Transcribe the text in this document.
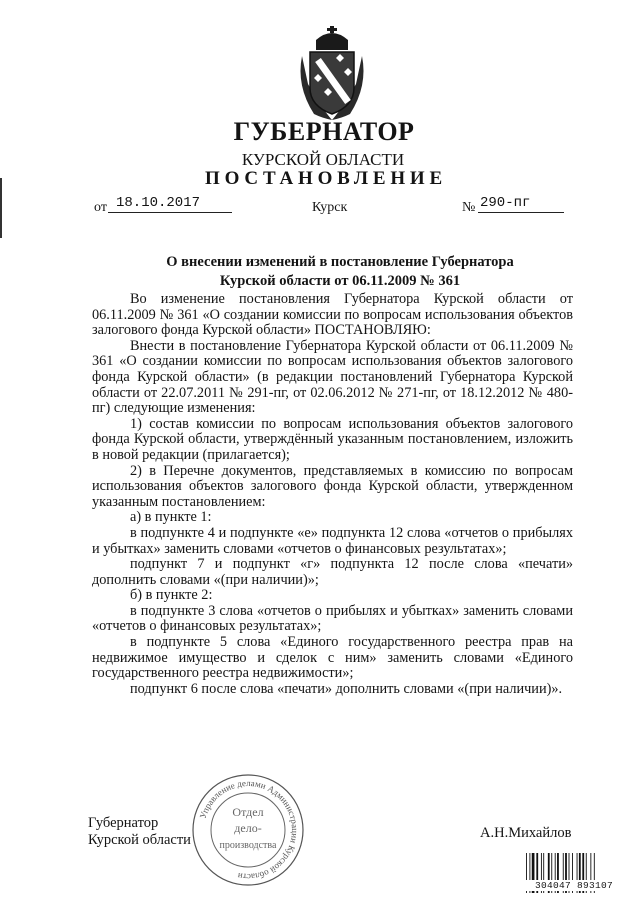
ГУБЕРНАТОР
КУРСКОЙ ОБЛАСТИ
ПОСТАНОВЛЕНИЕ
от 18.10.2017	Курск	№ 290-пг
О внесении изменений в постановление Губернатора
Курской области от 06.11.2009 № 361

Во изменение постановления Губернатора Курской области от 06.11.2009 № 361 «О создании комиссии по вопросам использования объектов залогового фонда Курской области» ПОСТАНОВЛЯЮ:

Внести в постановление Губернатора Курской области от 06.11.2009 № 361 «О создании комиссии по вопросам использования объектов залогового фонда Курской области» (в редакции постановлений Губернатора Курской области от 22.07.2011 № 291-пг, от 02.06.2012 № 271-пг, от 18.12.2012 № 480-пг) следующие изменения:

1) состав комиссии по вопросам использования объектов залогового фонда Курской области, утверждённый указанным постановлением, изложить в новой редакции (прилагается);

2) в Перечне документов, представляемых в комиссию по вопросам использования объектов залогового фонда Курской области, утвержденном указанным постановлением:

а) в пункте 1:

в подпункте 4 и подпункте «е» подпункта 12 слова «отчетов о прибылях и убытках» заменить словами «отчетов о финансовых результатах»;

подпункт 7 и подпункт «г» подпункта 12 после слова «печати» дополнить словами «(при наличии)»;

б) в пункте 2:

в подпункте 3 слова «отчетов о прибылях и убытках» заменить словами «отчетов о финансовых результатах»;

в подпункте 5 слова «Единого государственного реестра прав на недвижимое имущество и сделок с ним» заменить словами «Единого государственного реестра недвижимости»;

подпункт 6 после слова «печати» дополнить словами «(при наличии)».

Губернатор
Курской области	А.Н.Михайлов
Управление делами Администрации Курской области
Отдел
дело-
производства
304047 893107
